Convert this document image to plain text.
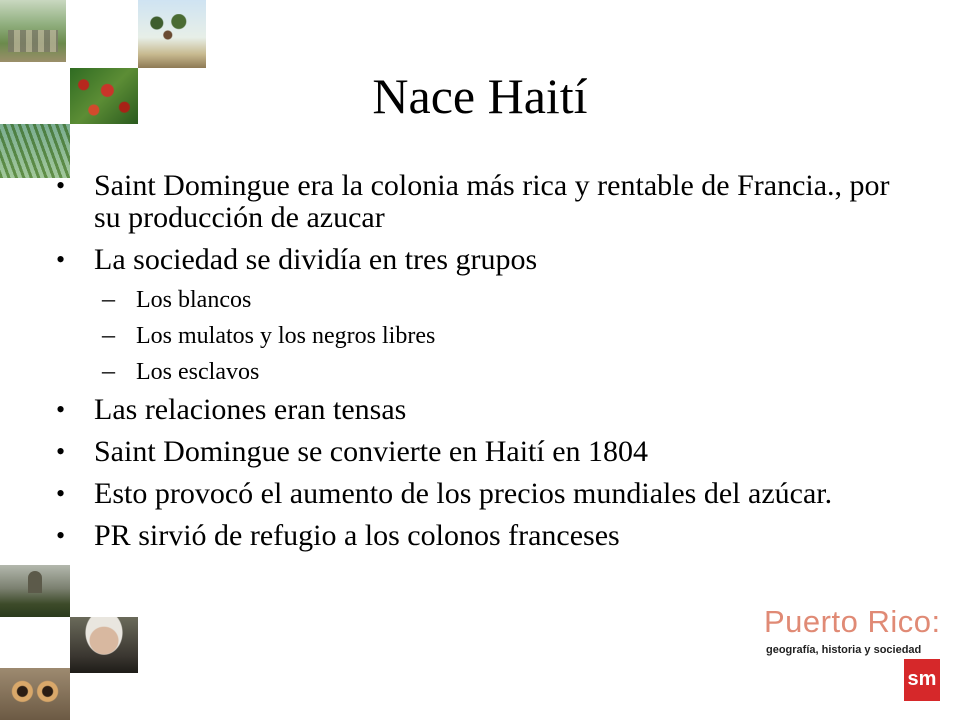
Nace Haití
• Saint Domingue era la colonia más rica y rentable de Francia., por su producción de azucar
• La sociedad se dividía en tres grupos
– Los blancos
– Los mulatos y los negros libres
– Los esclavos
• Las relaciones eran tensas
• Saint Domingue se convierte en Haití en 1804
• Esto provocó el aumento de los precios mundiales del azúcar.
• PR sirvió de refugio a los colonos franceses
Puerto Rico:
geografía, historia y sociedad
sm
